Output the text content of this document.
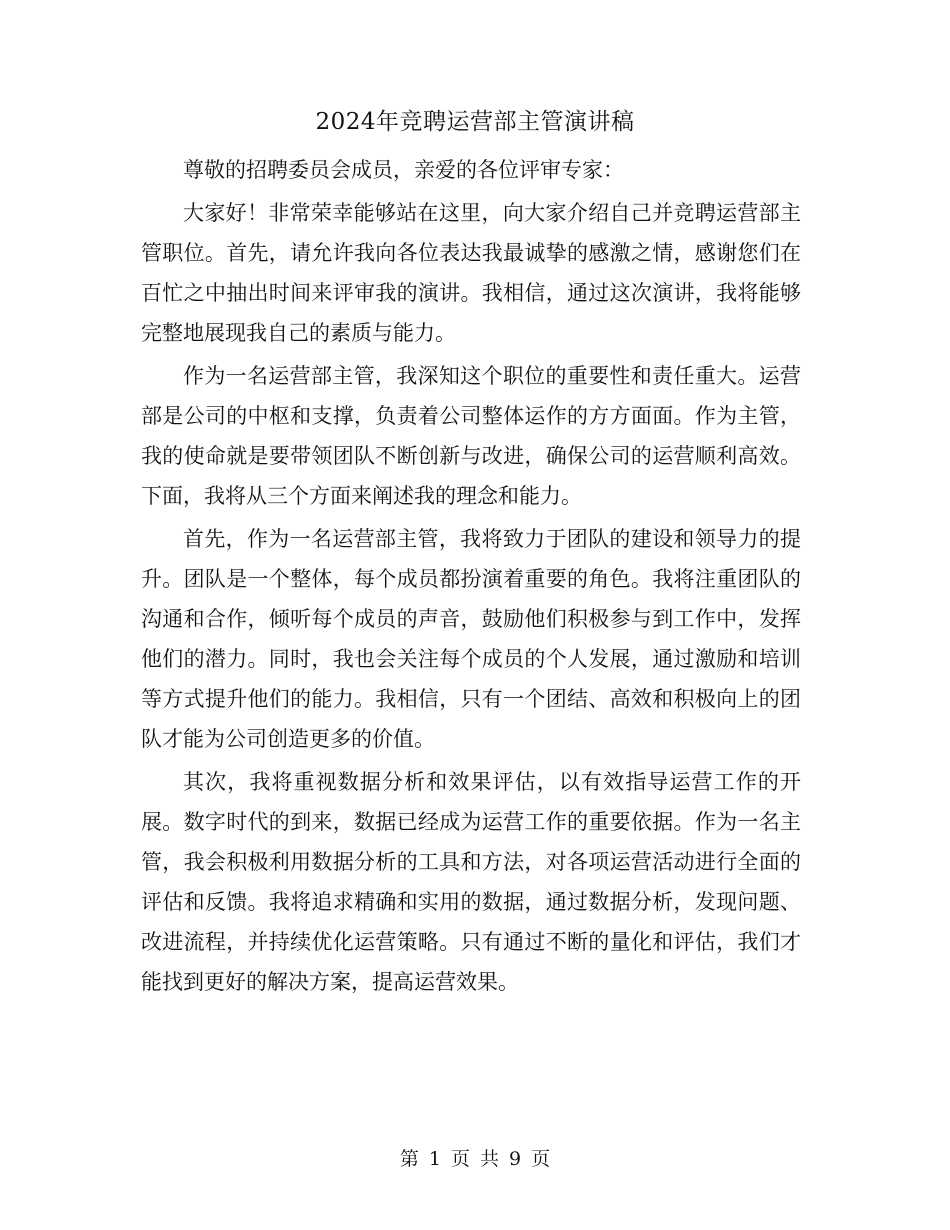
2024年竞聘运营部主管演讲稿

尊敬的招聘委员会成员，亲爱的各位评审专家：

大家好！非常荣幸能够站在这里，向大家介绍自己并竞聘运营部主管职位。首先，请允许我向各位表达我最诚挚的感激之情，感谢您们在百忙之中抽出时间来评审我的演讲。我相信，通过这次演讲，我将能够完整地展现我自己的素质与能力。

作为一名运营部主管，我深知这个职位的重要性和责任重大。运营部是公司的中枢和支撑，负责着公司整体运作的方方面面。作为主管，我的使命就是要带领团队不断创新与改进，确保公司的运营顺利高效。下面，我将从三个方面来阐述我的理念和能力。

首先，作为一名运营部主管，我将致力于团队的建设和领导力的提升。团队是一个整体，每个成员都扮演着重要的角色。我将注重团队的沟通和合作，倾听每个成员的声音，鼓励他们积极参与到工作中，发挥他们的潜力。同时，我也会关注每个成员的个人发展，通过激励和培训等方式提升他们的能力。我相信，只有一个团结、高效和积极向上的团队才能为公司创造更多的价值。

其次，我将重视数据分析和效果评估，以有效指导运营工作的开展。数字时代的到来，数据已经成为运营工作的重要依据。作为一名主管，我会积极利用数据分析的工具和方法，对各项运营活动进行全面的评估和反馈。我将追求精确和实用的数据，通过数据分析，发现问题、改进流程，并持续优化运营策略。只有通过不断的量化和评估，我们才能找到更好的解决方案，提高运营效果。

第 1 页 共 9 页
